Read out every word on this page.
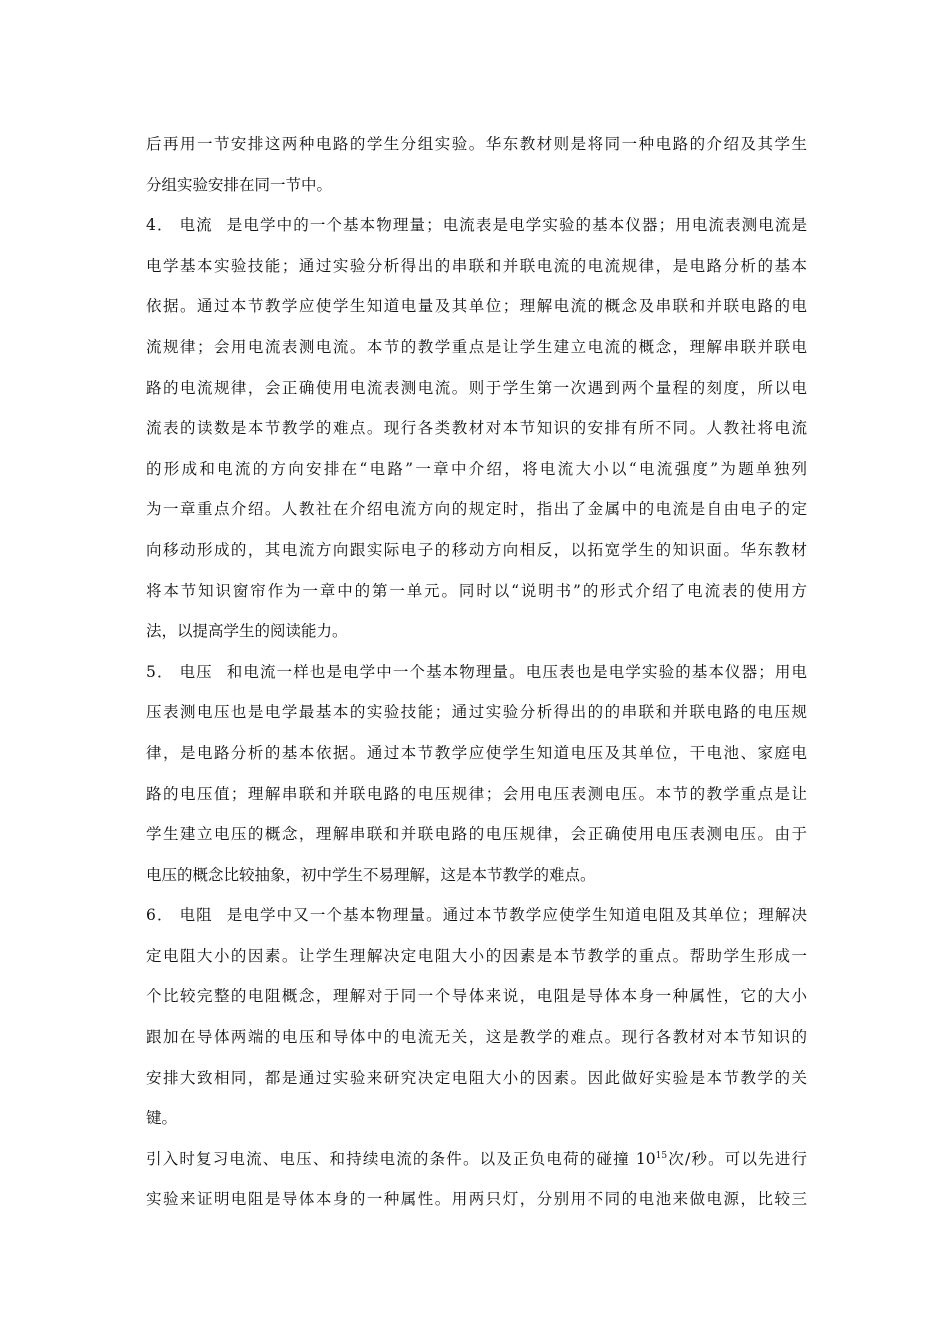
后再用一节安排这两种电路的学生分组实验。华东教材则是将同一种电路的介绍及其学生
分组实验安排在同一节中。
4． 电流 是电学中的一个基本物理量；电流表是电学实验的基本仪器；用电流表测电流是
电学基本实验技能；通过实验分析得出的串联和并联电流的电流规律，是电路分析的基本
依据。通过本节教学应使学生知道电量及其单位；理解电流的概念及串联和并联电路的电
流规律；会用电流表测电流。本节的教学重点是让学生建立电流的概念，理解串联并联电
路的电流规律，会正确使用电流表测电流。则于学生第一次遇到两个量程的刻度，所以电
流表的读数是本节教学的难点。现行各类教材对本节知识的安排有所不同。人教社将电流
的形成和电流的方向安排在“电路”一章中介绍，将电流大小以“电流强度”为题单独列
为一章重点介绍。人教社在介绍电流方向的规定时，指出了金属中的电流是自由电子的定
向移动形成的，其电流方向跟实际电子的移动方向相反，以拓宽学生的知识面。华东教材
将本节知识窗帘作为一章中的第一单元。同时以“说明书”的形式介绍了电流表的使用方
法，以提高学生的阅读能力。
5． 电压 和电流一样也是电学中一个基本物理量。电压表也是电学实验的基本仪器；用电
压表测电压也是电学最基本的实验技能；通过实验分析得出的的串联和并联电路的电压规
律，是电路分析的基本依据。通过本节教学应使学生知道电压及其单位，干电池、家庭电
路的电压值；理解串联和并联电路的电压规律；会用电压表测电压。本节的教学重点是让
学生建立电压的概念，理解串联和并联电路的电压规律，会正确使用电压表测电压。由于
电压的概念比较抽象，初中学生不易理解，这是本节教学的难点。
6． 电阻 是电学中又一个基本物理量。通过本节教学应使学生知道电阻及其单位；理解决
定电阻大小的因素。让学生理解决定电阻大小的因素是本节教学的重点。帮助学生形成一
个比较完整的电阻概念，理解对于同一个导体来说，电阻是导体本身一种属性，它的大小
跟加在导体两端的电压和导体中的电流无关，这是教学的难点。现行各教材对本节知识的
安排大致相同，都是通过实验来研究决定电阻大小的因素。因此做好实验是本节教学的关
键。
引入时复习电流、电压、和持续电流的条件。以及正负电荷的碰撞 $10^{15}$次/秒。可以先进行
实验来证明电阻是导体本身的一种属性。用两只灯，分别用不同的电池来做电源，比较三
